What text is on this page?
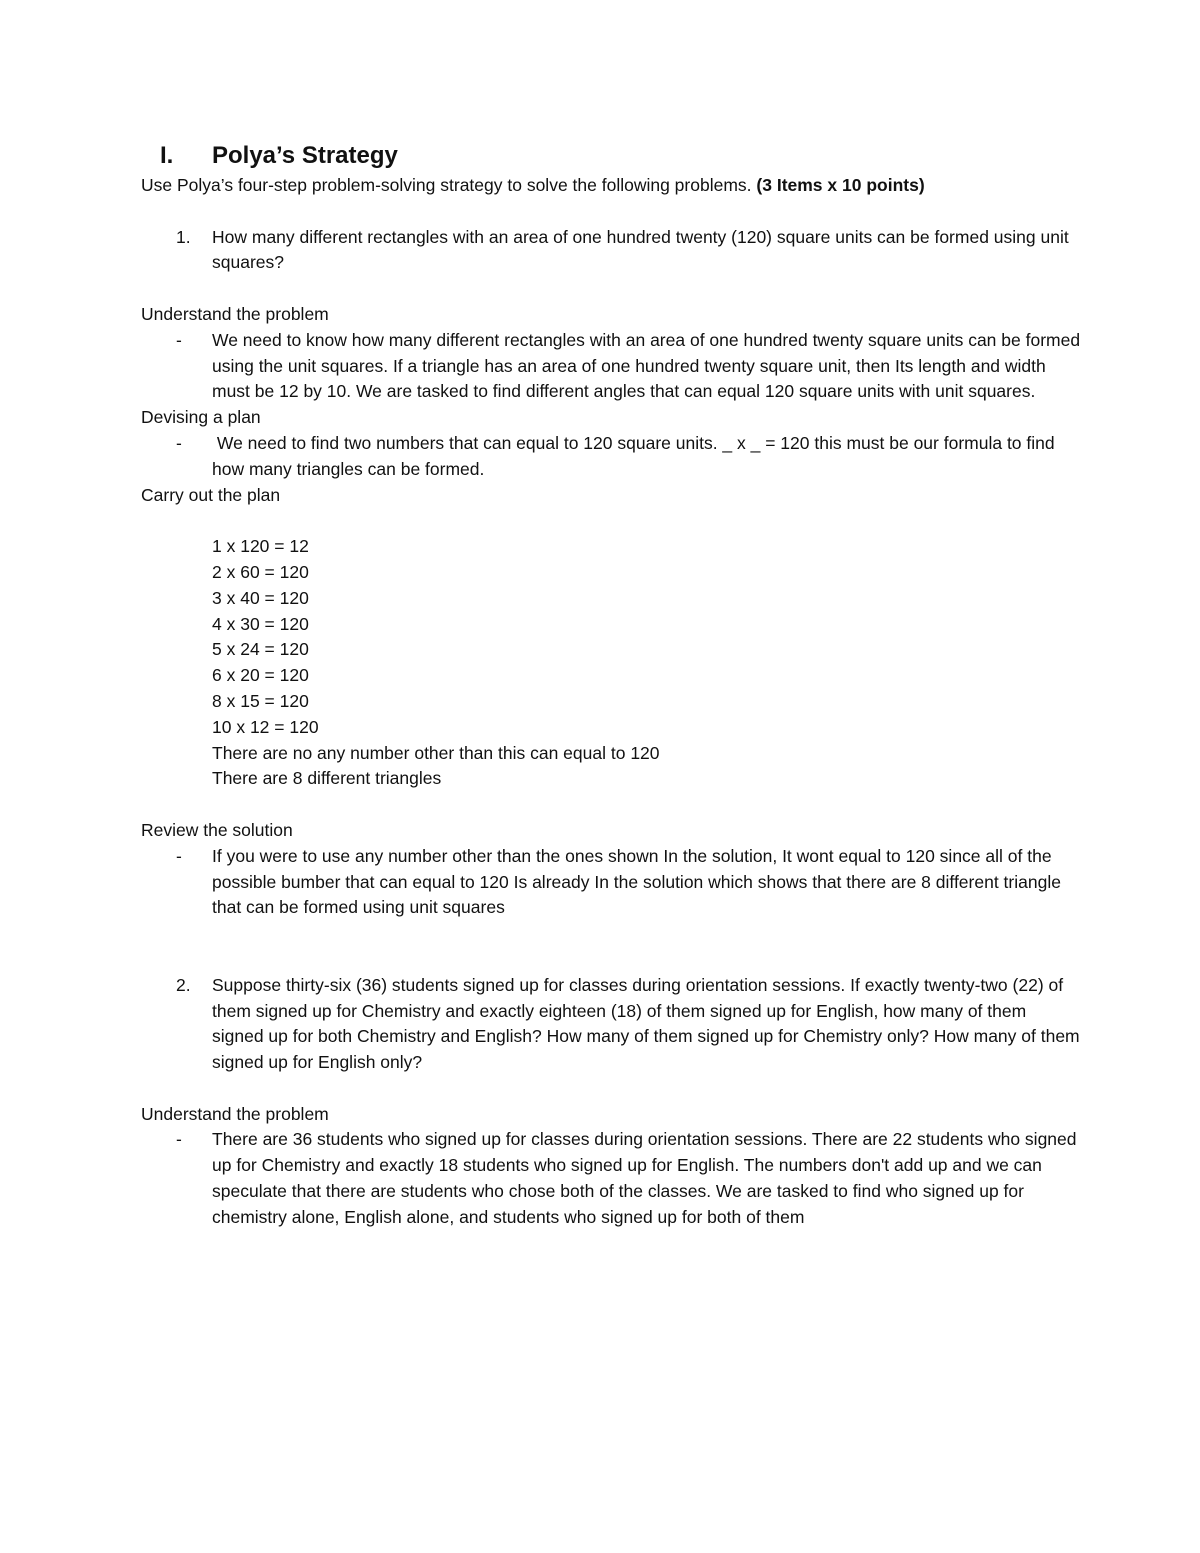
I. Polya’s Strategy

Use Polya’s four-step problem-solving strategy to solve the following problems. (3 Items x 10 points)

1.	How many different rectangles with an area of one hundred twenty (120) square units can be formed using unit squares?

Understand the problem

-	We need to know how many different rectangles with an area of one hundred twenty square units can be formed using the unit squares. If a triangle has an area of one hundred twenty square unit, then Its length and width must be 12 by 10. We are tasked to find different angles that can equal 120 square units with unit squares.

Devising a plan

-	We need to find two numbers that can equal to 120 square units. _ x _ = 120 this must be our formula to find how many triangles can be formed.

Carry out the plan

1 x 120 = 12
2 x 60 = 120
3 x 40 = 120
4 x 30 = 120
5 x 24 = 120
6 x 20 = 120
8 x 15 = 120
10 x 12 = 120
There are no any number other than this can equal to 120
There are 8 different triangles

Review the solution

-	If you were to use any number other than the ones shown In the solution, It wont equal to 120 since all of the possible bumber that can equal to 120 Is already In the solution which shows that there are 8 different triangle that can be formed using unit squares
2.	Suppose thirty-six (36) students signed up for classes during orientation sessions. If exactly twenty-two (22) of them signed up for Chemistry and exactly eighteen (18) of them signed up for English, how many of them signed up for both Chemistry and English? How many of them signed up for Chemistry only? How many of them signed up for English only?

Understand the problem

-	There are 36 students who signed up for classes during orientation sessions. There are 22 students who signed up for Chemistry and exactly 18 students who signed up for English. The numbers don't add up and we can speculate that there are students who chose both of the classes. We are tasked to find who signed up for chemistry alone, English alone, and students who signed up for both of them
